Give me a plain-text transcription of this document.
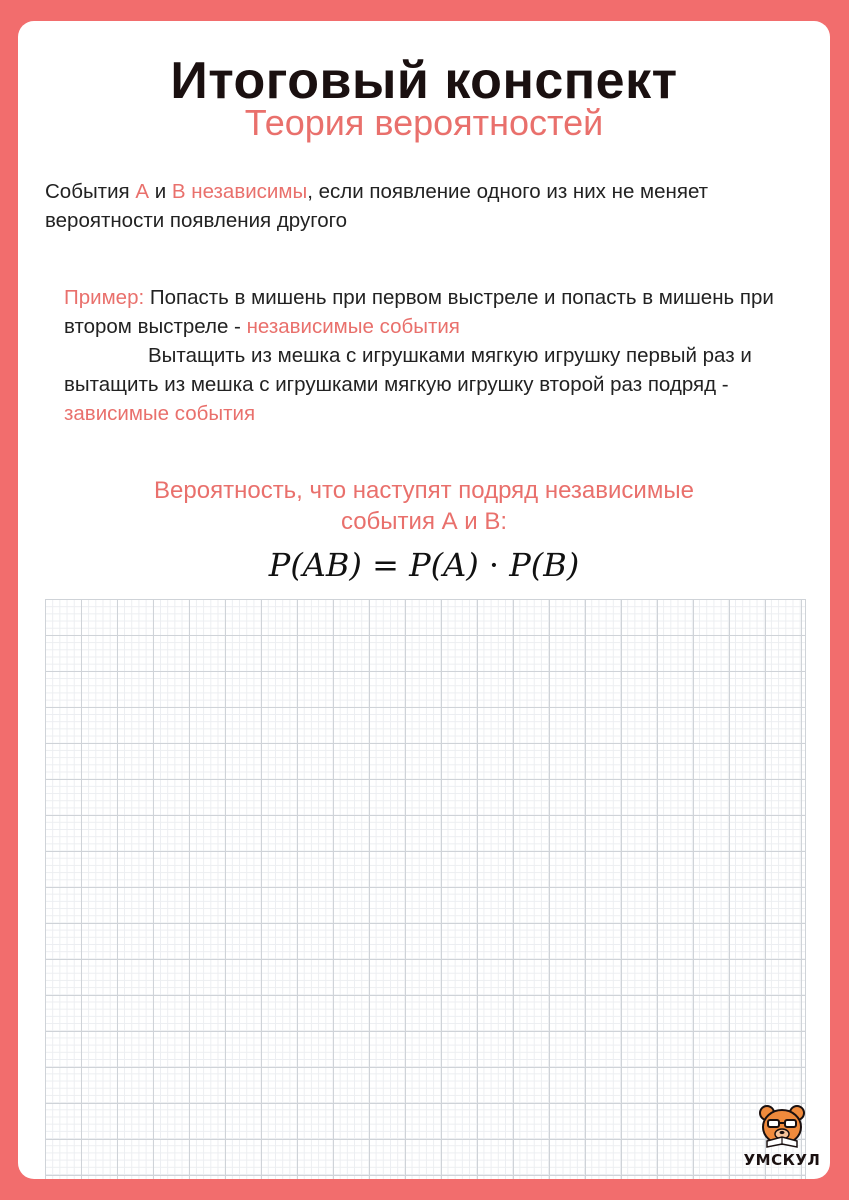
Итоговый конспект
Теория вероятностей
События А и В независимы, если появление одного из них не меняет вероятности появления другого
Пример: Попасть в мишень при первом выстреле и попасть в мишень при втором выстреле - независимые события
Вытащить из мешка с игрушками мягкую игрушку первый раз и вытащить из мешка с игрушками мягкую игрушку второй раз подряд - зависимые события
Вероятность, что наступят подряд независимые
события А и В:
P(AB) = P(A) · P(B)
УМСКУЛ
